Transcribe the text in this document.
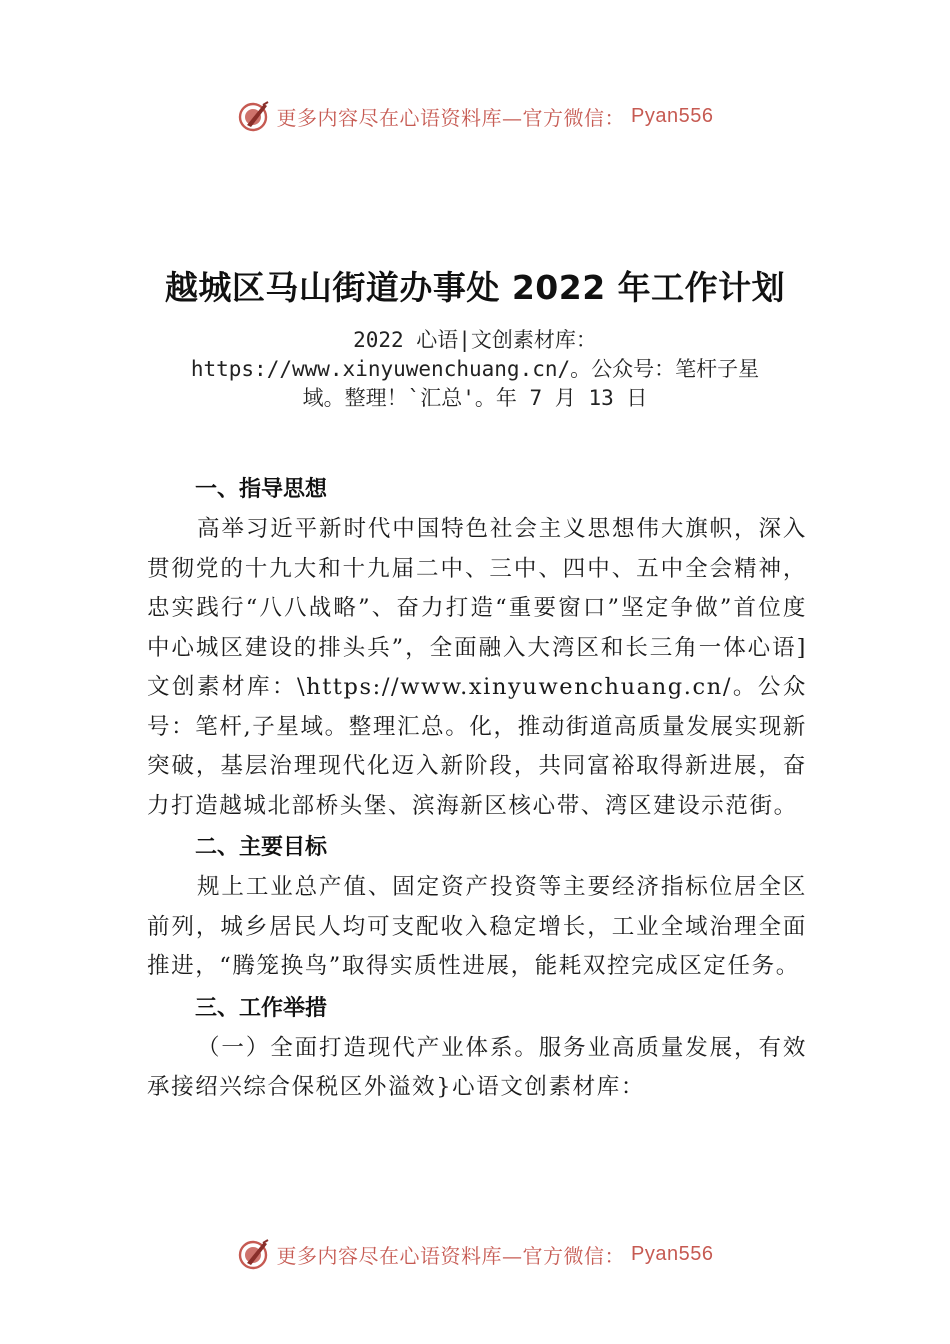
更多内容尽在心语资料库—官方微信： Pyan556
越城区马山街道办事处 2022 年工作计划
2022 心语|文创素材库：
https://www.xinyuwenchuang.cn/。公众号：笔杆子星
域。整理！`汇总'。年 7 月 13 日
一、指导思想

高举习近平新时代中国特色社会主义思想伟大旗帜，深入贯彻党的十九大和十九届二中、三中、四中、五中全会精神，忠实践行“八八战略”、奋力打造“重要窗口”坚定争做”首位度中心城区建设的排头兵”，全面融入大湾区和长三角一体心语]文创素材库：\https://www.xinyuwenchuang.cn/。公众号：笔杆,子星域。整理汇总。化，推动街道高质量发展实现新突破，基层治理现代化迈入新阶段，共同富裕取得新进展，奋力打造越城北部桥头堡、滨海新区核心带、湾区建设示范街。

二、主要目标

规上工业总产值、固定资产投资等主要经济指标位居全区前列，城乡居民人均可支配收入稳定增长，工业全域治理全面推进，“腾笼换鸟”取得实质性进展，能耗双控完成区定任务。

三、工作举措

（一）全面打造现代产业体系。服务业高质量发展，有效承接绍兴综合保税区外溢效}心语文创素材库：

更多内容尽在心语资料库—官方微信： Pyan556
